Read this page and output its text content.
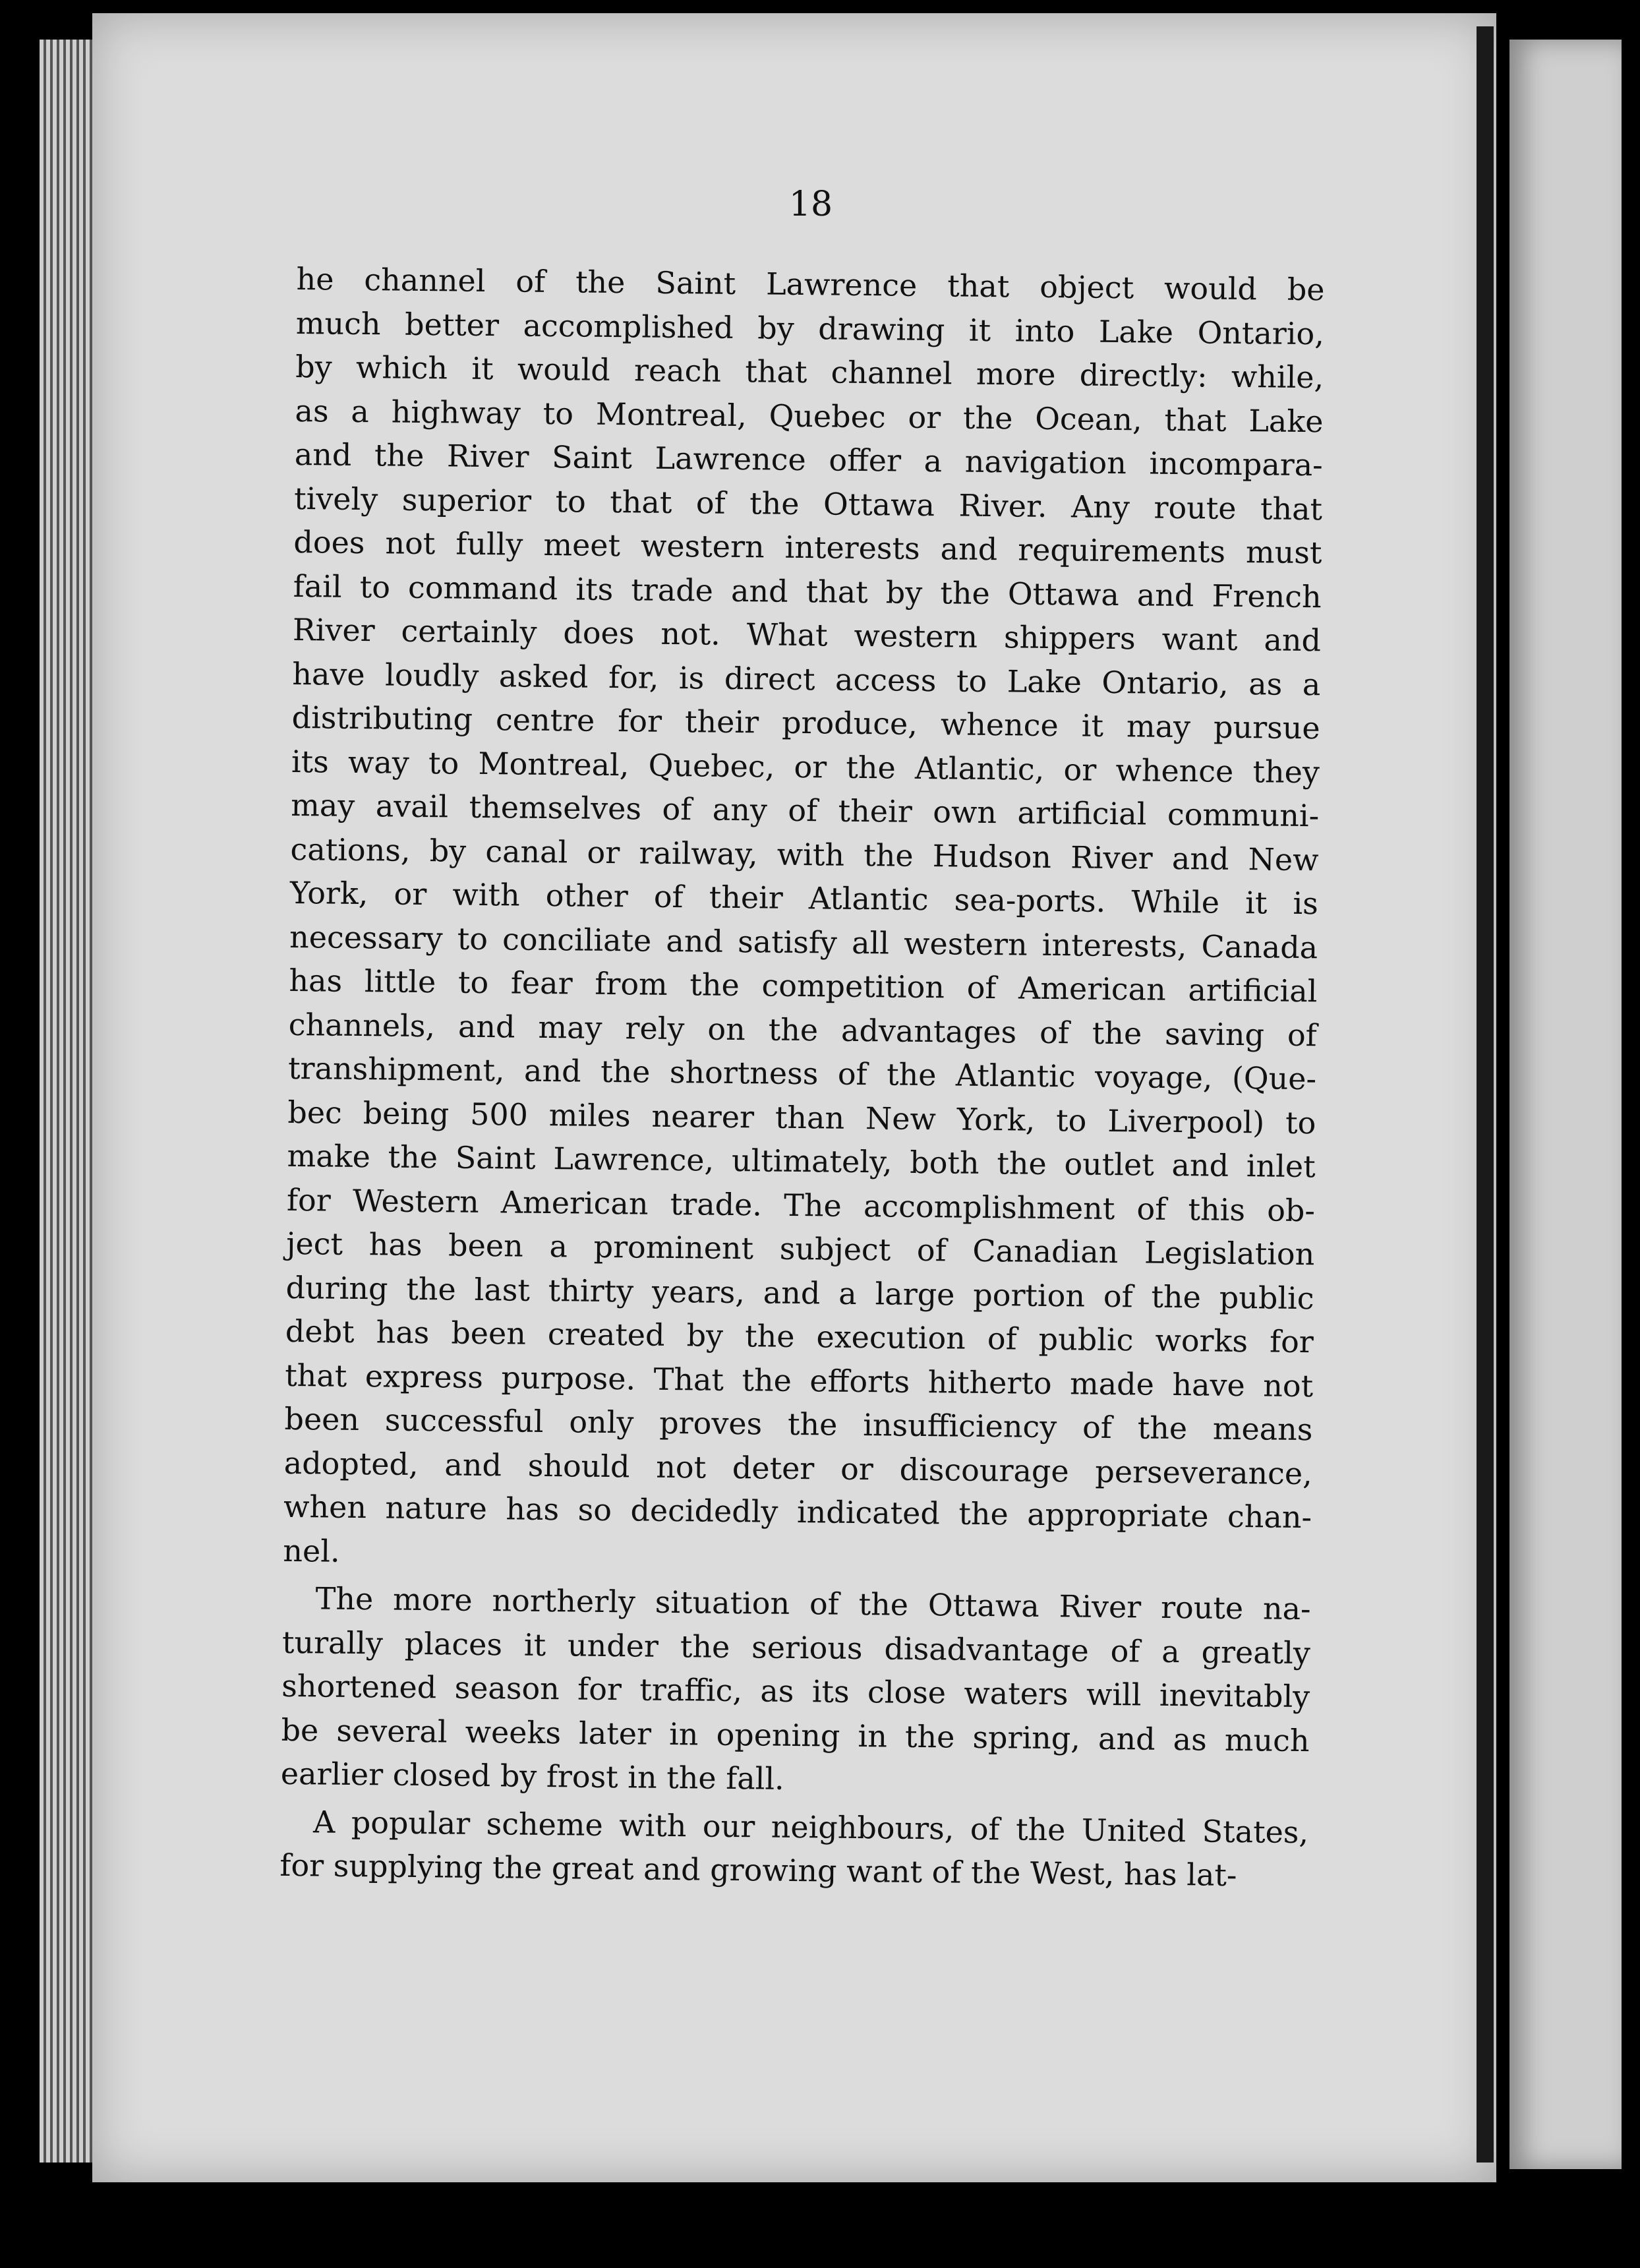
18
he channel of the Saint Lawrence that object would be
much better accomplished by drawing it into Lake Ontario,
by which it would reach that channel more directly: while,
as a highway to Montreal, Quebec or the Ocean, that Lake
and the River Saint Lawrence offer a navigation incompara-
tively superior to that of the Ottawa River. Any route that
does not fully meet western interests and requirements must
fail to command its trade and that by the Ottawa and French
River certainly does not. What western shippers want and
have loudly asked for, is direct access to Lake Ontario, as a
distributing centre for their produce, whence it may pursue
its way to Montreal, Quebec, or the Atlantic, or whence they
may avail themselves of any of their own artificial communi-
cations, by canal or railway, with the Hudson River and New
York, or with other of their Atlantic sea-ports. While it is
necessary to conciliate and satisfy all western interests, Canada
has little to fear from the competition of American artificial
channels, and may rely on the advantages of the saving of
transhipment, and the shortness of the Atlantic voyage, (Que-
bec being 500 miles nearer than New York, to Liverpool) to
make the Saint Lawrence, ultimately, both the outlet and inlet
for Western American trade. The accomplishment of this ob-
ject has been a prominent subject of Canadian Legislation
during the last thirty years, and a large portion of the public
debt has been created by the execution of public works for
that express purpose. That the efforts hitherto made have not
been successful only proves the insufficiency of the means
adopted, and should not deter or discourage perseverance,
when nature has so decidedly indicated the appropriate chan-
nel.
The more northerly situation of the Ottawa River route na-
turally places it under the serious disadvantage of a greatly
shortened season for traffic, as its close waters will inevitably
be several weeks later in opening in the spring, and as much
earlier closed by frost in the fall.
A popular scheme with our neighbours, of the United States,
for supplying the great and growing want of the West, has lat-
